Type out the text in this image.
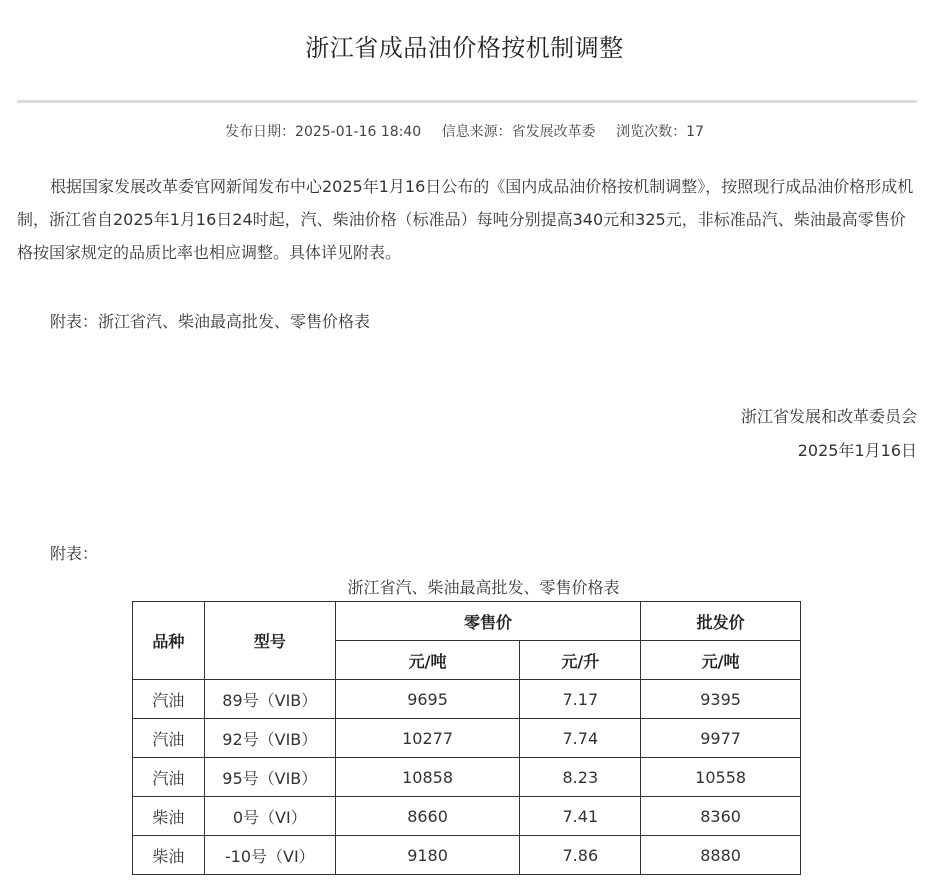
浙江省成品油价格按机制调整
发布日期：2025-01-16 18:40 信息来源：省发展改革委 浏览次数：17

根据国家发展改革委官网新闻发布中心2025年1月16日公布的《国内成品油价格按机制调整》，按照现行成品油价格形成机制，浙江省自2025年1月16日24时起，汽、柴油价格（标准品）每吨分别提高340元和325元，非标准品汽、柴油最高零售价格按国家规定的品质比率也相应调整。具体详见附表。

附表：浙江省汽、柴油最高批发、零售价格表
浙江省发展和改革委员会
2025年1月16日
附表：
浙江省汽、柴油最高批发、零售价格表
品种	型号	零售价		批发价
		元/吨	元/升	元/吨
汽油	89号（VIB）	9695	7.17	9395
汽油	92号（VIB）	10277	7.74	9977
汽油	95号（VIB）	10858	8.23	10558
柴油	0号（VI）	8660	7.41	8360
柴油	-10号（VI）	9180	7.86	8880
